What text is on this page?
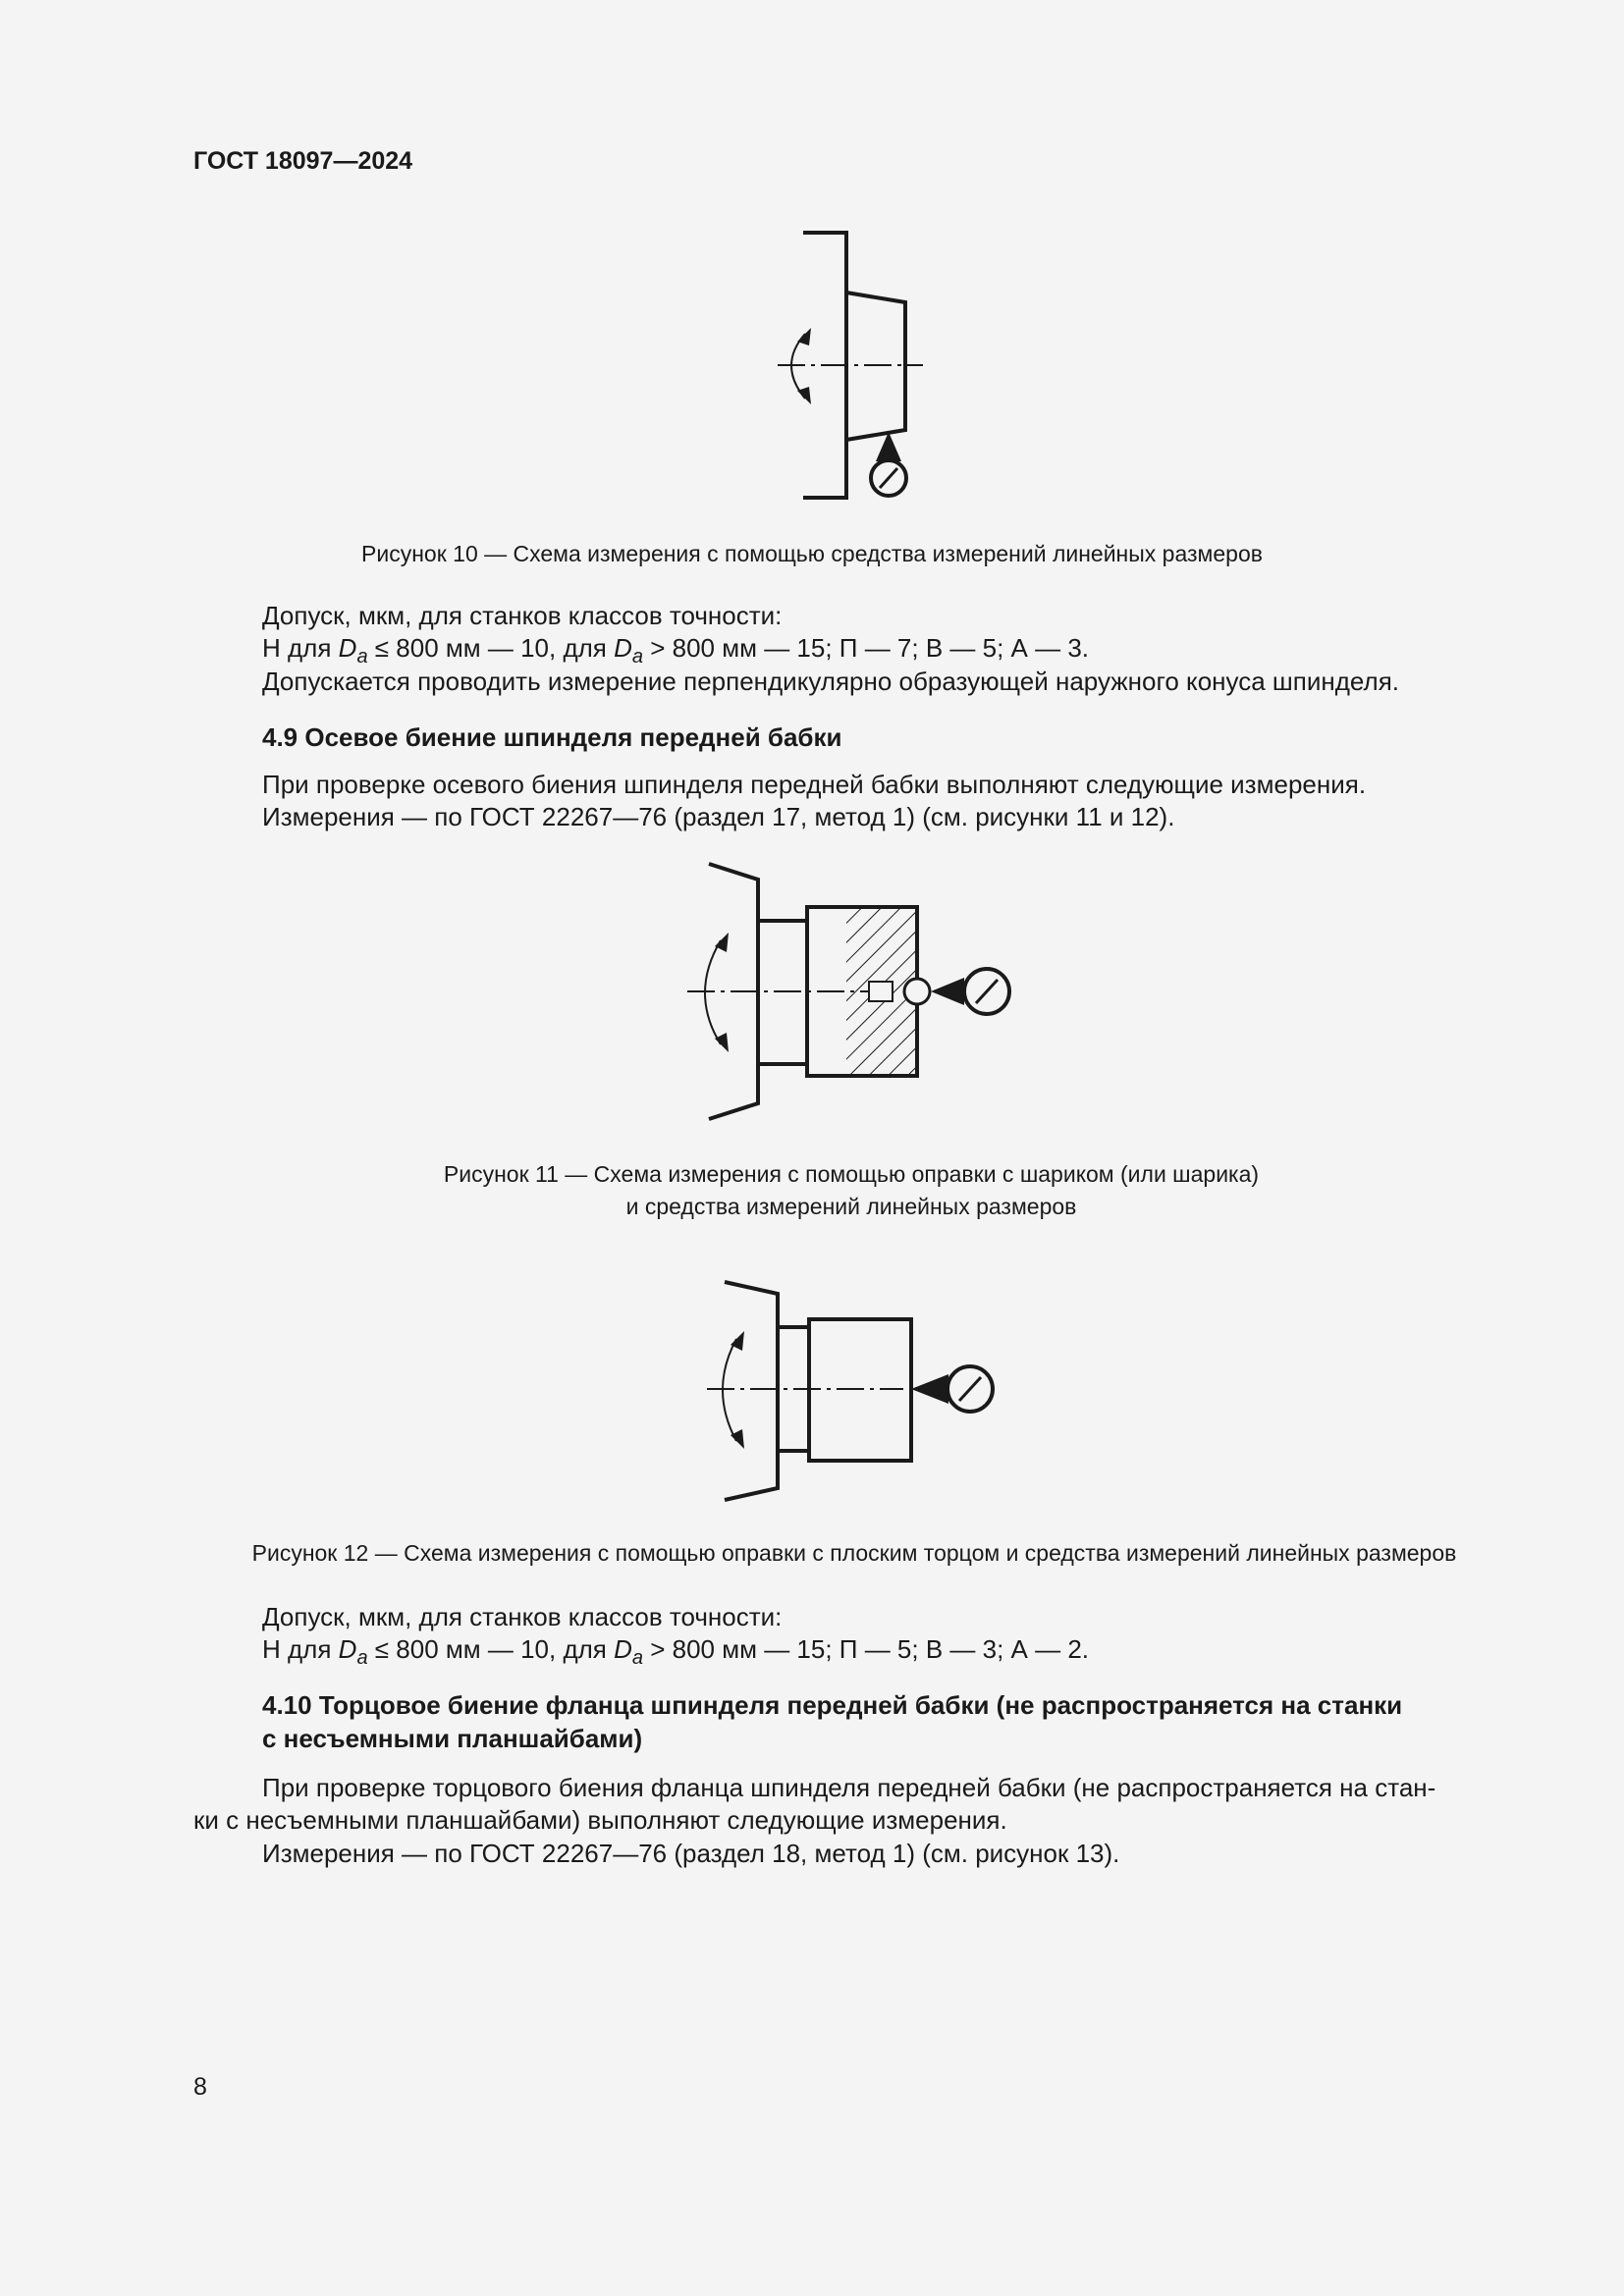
ГОСТ 18097—2024
Рисунок 10 — Схема измерения с помощью средства измерений линейных размеров
Допуск, мкм, для станков классов точности:
Н для $D_a \le 800$ мм — 10, для $D_a > 800$ мм — 15; П — 7; В — 5; А — 3.
Допускается проводить измерение перпендикулярно образующей наружного конуса шпинделя.
4.9 Осевое биение шпинделя передней бабки
При проверке осевого биения шпинделя передней бабки выполняют следующие измерения.
Измерения — по ГОСТ 22267—76 (раздел 17, метод 1) (см. рисунки 11 и 12).
Рисунок 11 — Схема измерения с помощью оправки с шариком (или шарика)
и средства измерений линейных размеров
Рисунок 12 — Схема измерения с помощью оправки с плоским торцом и средства измерений линейных размеров
Допуск, мкм, для станков классов точности:
Н для $D_a \le 800$ мм — 10, для $D_a > 800$ мм — 15; П — 5; В — 3; А — 2.
4.10 Торцовое биение фланца шпинделя передней бабки (не распространяется на станки
с несъемными планшайбами)
При проверке торцового биения фланца шпинделя передней бабки (не распространяется на стан-
ки с несъемными планшайбами) выполняют следующие измерения.
Измерения — по ГОСТ 22267—76 (раздел 18, метод 1) (см. рисунок 13).
8
